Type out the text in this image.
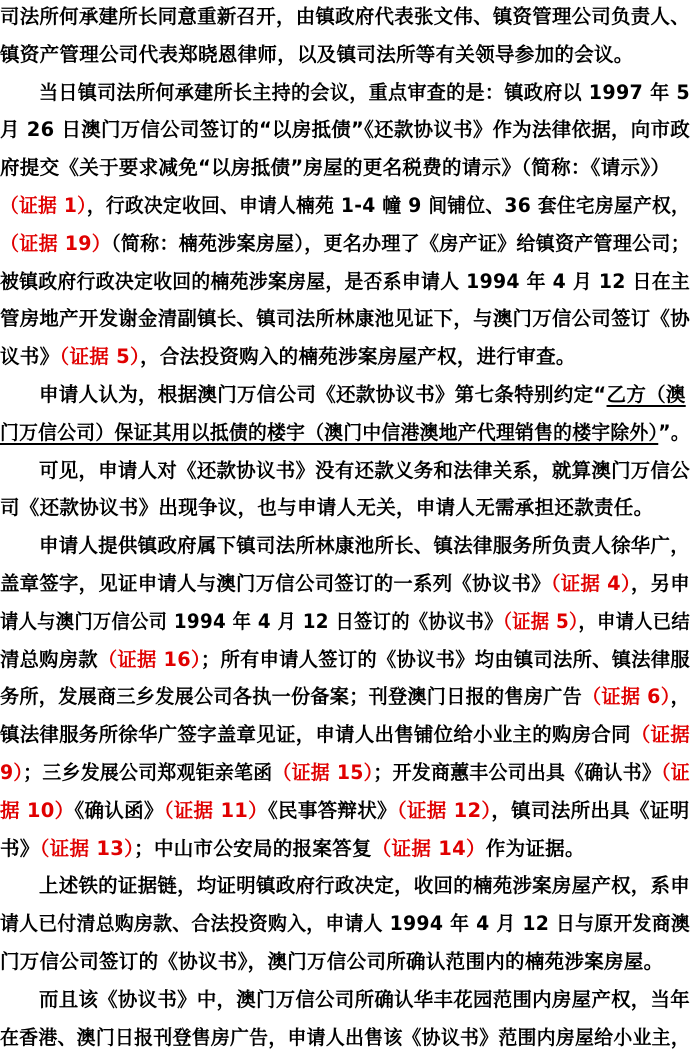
司法所何承建所长同意重新召开，由镇政府代表张文伟、镇资管理公司负责人、
镇资产管理公司代表郑晓恩律师，以及镇司法所等有关领导参加的会议。
当日镇司法所何承建所长主持的会议，重点审查的是：镇政府以 1997 年 5
月 26 日澳门万信公司签订的“以房抵债”《还款协议书》作为法律依据，向市政
府提交《关于要求减免“以房抵债”房屋的更名税费的请示》（简称：《请示》）
（证据 1），行政决定收回、申请人楠苑 1-4 幢 9 间铺位、36 套住宅房屋产权，
（证据 19）（简称：楠苑涉案房屋），更名办理了《房产证》给镇资产管理公司；
被镇政府行政决定收回的楠苑涉案房屋，是否系申请人 1994 年 4 月 12 日在主
管房地产开发谢金清副镇长、镇司法所林康池见证下，与澳门万信公司签订《协
议书》（证据 5），合法投资购入的楠苑涉案房屋产权，进行审查。
申请人认为，根据澳门万信公司《还款协议书》第七条特别约定“乙方（澳
门万信公司）保证其用以抵债的楼宇（澳门中信港澳地产代理销售的楼宇除外）”。
可见，申请人对《还款协议书》没有还款义务和法律关系，就算澳门万信公
司《还款协议书》出现争议，也与申请人无关，申请人无需承担还款责任。
申请人提供镇政府属下镇司法所林康池所长、镇法律服务所负责人徐华广，
盖章签字，见证申请人与澳门万信公司签订的一系列《协议书》（证据 4），另申
请人与澳门万信公司 1994 年 4 月 12 日签订的《协议书》（证据 5），申请人已结
清总购房款（证据 16）；所有申请人签订的《协议书》均由镇司法所、镇法律服
务所，发展商三乡发展公司各执一份备案；刊登澳门日报的售房广告（证据 6），
镇法律服务所徐华广签字盖章见证，申请人出售铺位给小业主的购房合同（证据
9）；三乡发展公司郑观钜亲笔函（证据 15）；开发商蕙丰公司出具《确认书》（证
据 10）《确认函》（证据 11）《民事答辩状》（证据 12），镇司法所出具《证明
书》（证据 13）；中山市公安局的报案答复（证据 14）作为证据。
上述铁的证据链，均证明镇政府行政决定，收回的楠苑涉案房屋产权，系申
请人已付清总购房款、合法投资购入，申请人 1994 年 4 月 12 日与原开发商澳
门万信公司签订的《协议书》，澳门万信公司所确认范围内的楠苑涉案房屋。
而且该《协议书》中，澳门万信公司所确认华丰花园范围内房屋产权，当年
在香港、澳门日报刊登售房广告，申请人出售该《协议书》范围内房屋给小业主，
